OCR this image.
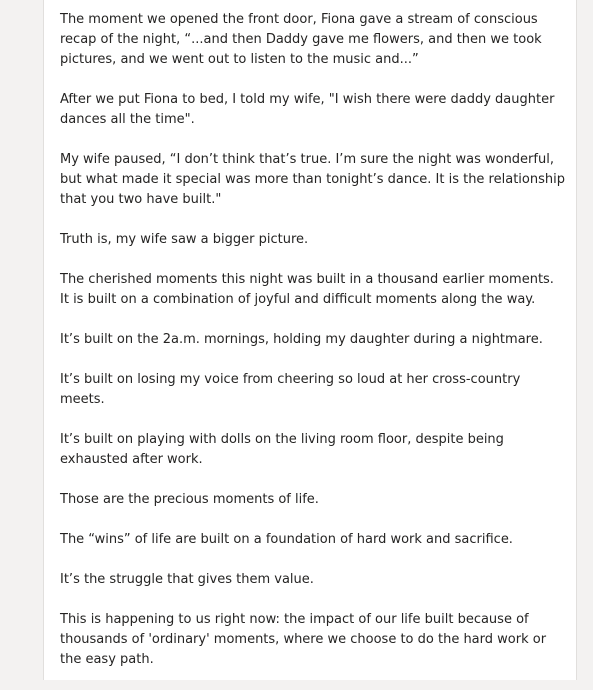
The moment we opened the front door, Fiona gave a stream of conscious
recap of the night, “...and then Daddy gave me flowers, and then we took
pictures, and we went out to listen to the music and...”

After we put Fiona to bed, I told my wife, "I wish there were daddy daughter
dances all the time".

My wife paused, “I don’t think that’s true. I’m sure the night was wonderful,
but what made it special was more than tonight’s dance. It is the relationship
that you two have built."

Truth is, my wife saw a bigger picture.

The cherished moments this night was built in a thousand earlier moments.
It is built on a combination of joyful and difficult moments along the way.

It’s built on the 2a.m. mornings, holding my daughter during a nightmare.

It’s built on losing my voice from cheering so loud at her cross-country
meets.

It’s built on playing with dolls on the living room floor, despite being
exhausted after work.

Those are the precious moments of life.

The “wins” of life are built on a foundation of hard work and sacrifice.

It’s the struggle that gives them value.

This is happening to us right now: the impact of our life built because of
thousands of 'ordinary' moments, where we choose to do the hard work or
the easy path.
